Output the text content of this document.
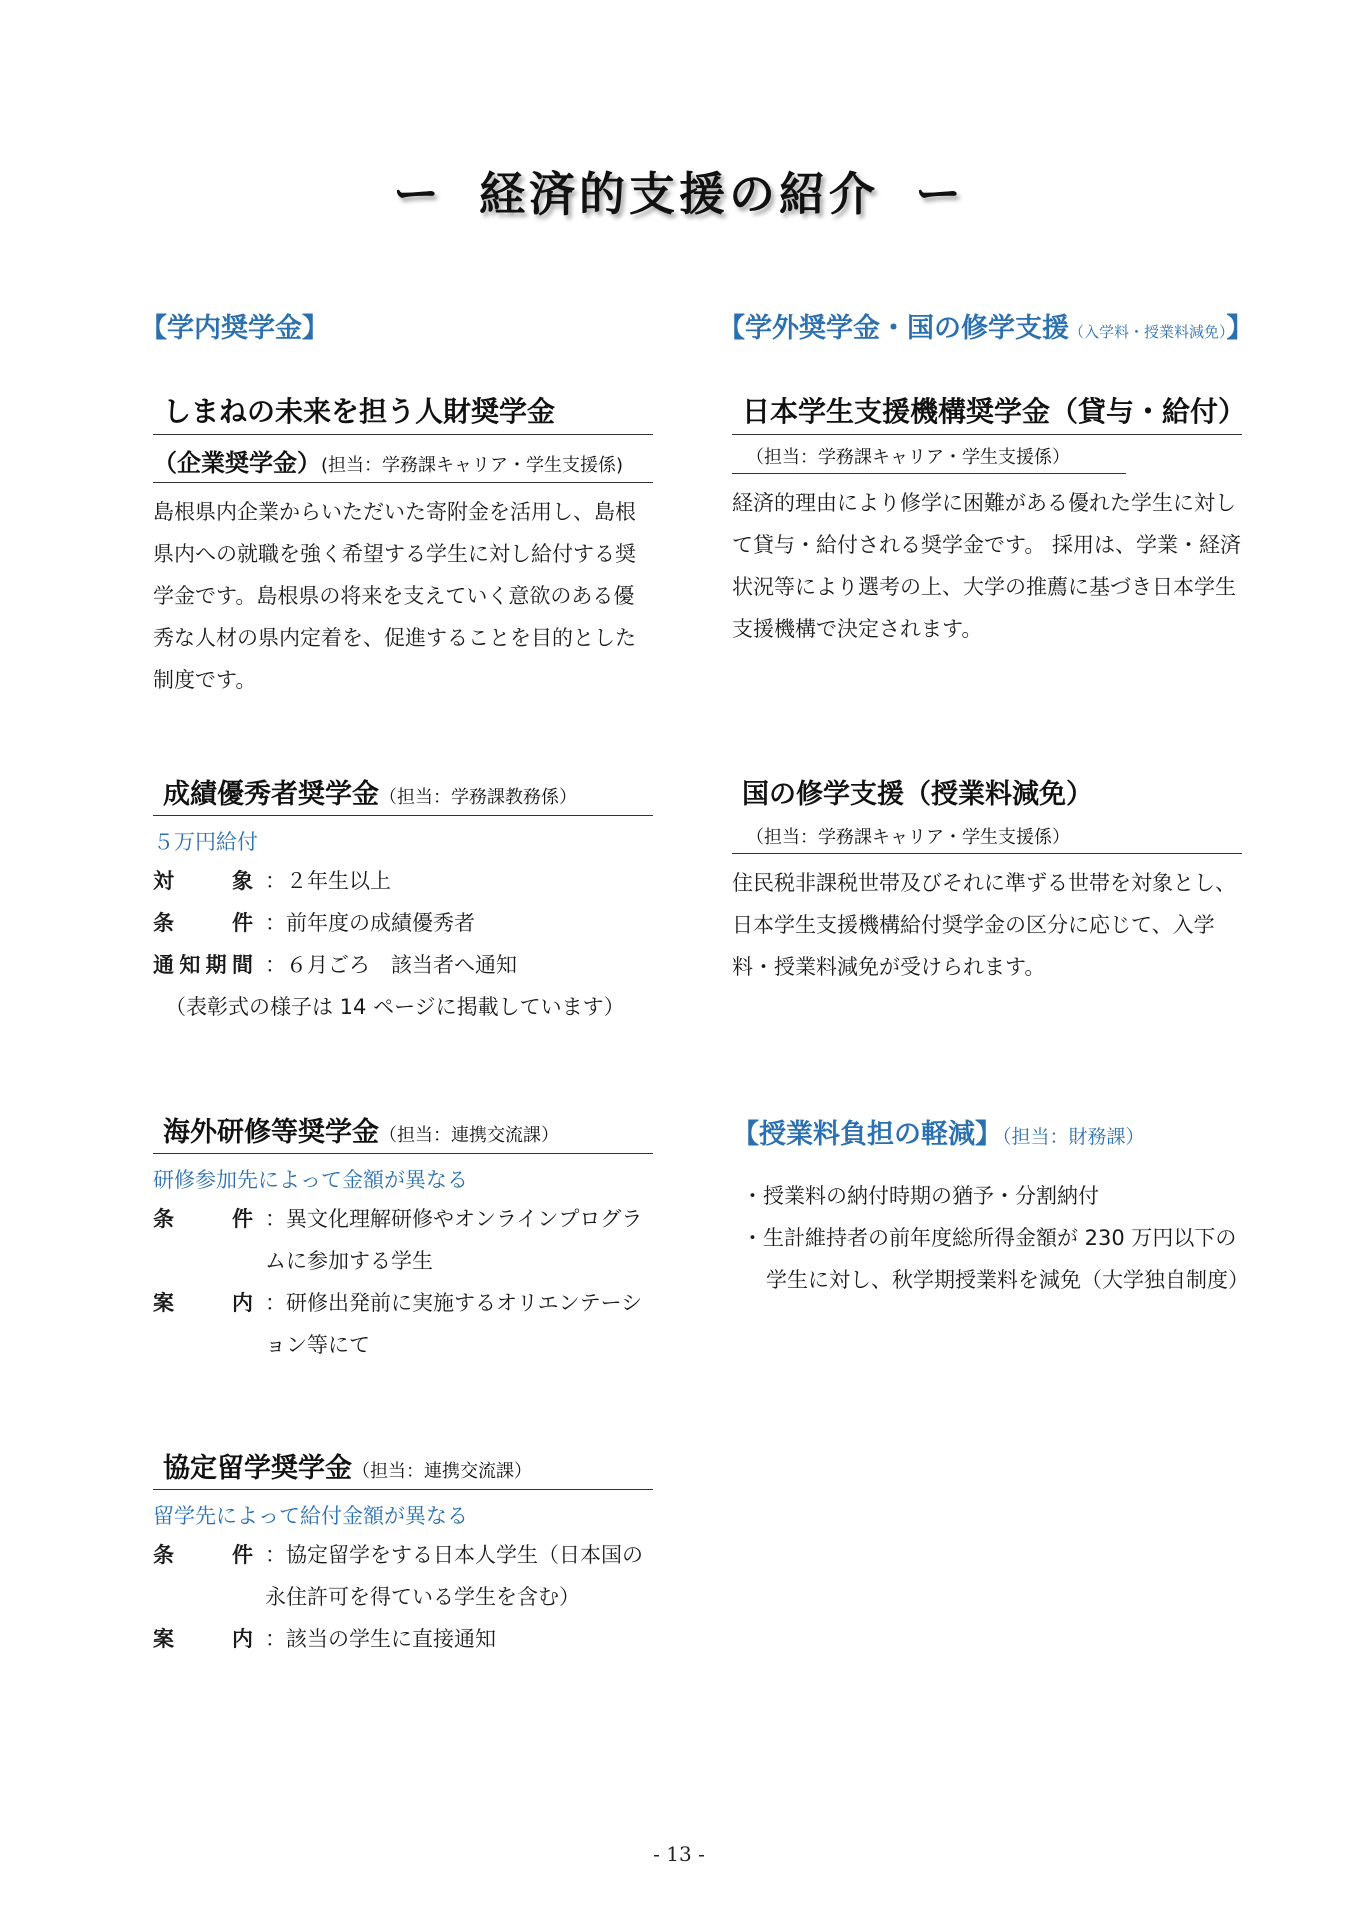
ー 経済的支援の紹介 ー
【学内奨学金】	【学外奨学金・国の修学支援（入学料・授業料減免）】
しまねの未来を担う人財奨学金
（企業奨学金）(担当：学務課キャリア・学生支援係)
島根県内企業からいただいた寄附金を活用し、島根県内への就職を強く希望する学生に対し給付する奨学金です。島根県の将来を支えていく意欲のある優秀な人材の県内定着を、促進することを目的とした制度です。
成績優秀者奨学金（担当：学務課教務係）
５万円給付
対象 ：２年生以上
条件 ：前年度の成績優秀者
通知期間 ：６月ごろ　該当者へ通知
（表彰式の様子は 14 ページに掲載しています）
海外研修等奨学金（担当：連携交流課）
研修参加先によって金額が異なる
条件 ：異文化理解研修やオンラインプログラムに参加する学生
案内 ：研修出発前に実施するオリエンテーション等にて
協定留学奨学金（担当：連携交流課）
留学先によって給付金額が異なる
条件 ：協定留学をする日本人学生（日本国の永住許可を得ている学生を含む）
案内 ：該当の学生に直接通知
日本学生支援機構奨学金（貸与・給付）
（担当：学務課キャリア・学生支援係）
経済的理由により修学に困難がある優れた学生に対して貸与・給付される奨学金です。 採用は、学業・経済状況等により選考の上、大学の推薦に基づき日本学生支援機構で決定されます。
国の修学支援（授業料減免）
（担当：学務課キャリア・学生支援係）
住民税非課税世帯及びそれに準ずる世帯を対象とし、日本学生支援機構給付奨学金の区分に応じて、入学料・授業料減免が受けられます。
【授業料負担の軽減】（担当：財務課）
・授業料の納付時期の猶予・分割納付
・生計維持者の前年度総所得金額が 230 万円以下の学生に対し、秋学期授業料を減免（大学独自制度）
- 13 -
